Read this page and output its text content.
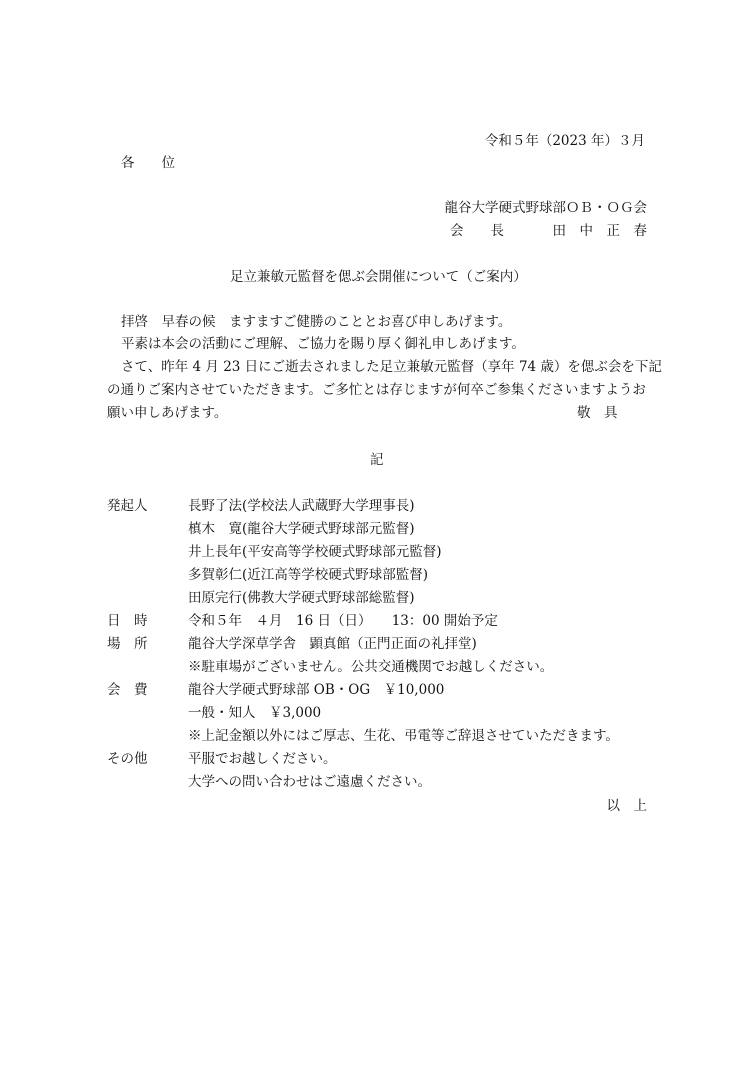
令和５年（2023 年）３月
各　　位
龍谷大学硬式野球部ＯＢ・ＯＧ会
会　　長	田　中　正　春
足立兼敏元監督を偲ぶ会開催について（ご案内）
拝啓　早春の候　ますますご健勝のこととお喜び申しあげます。
平素は本会の活動にご理解、ご協力を賜り厚く御礼申しあげます。
さて、昨年 4 月 23 日にご逝去されました足立兼敏元監督（享年 74 歳）を偲ぶ会を下記
の通りご案内させていただきます。ご多忙とは存じますが何卒ご参集くださいますようお
願い申しあげます。	敬　具
記
発起人	長野了法(学校法人武蔵野大学理事長)
槙木　寛(龍谷大学硬式野球部元監督)
井上長年(平安高等学校硬式野球部元監督)
多賀彰仁(近江高等学校硬式野球部監督)
田原完行(佛教大学硬式野球部総監督)
日　時	令和５年　４月　16 日（日）　　13：00 開始予定
場　所	龍谷大学深草学舎　顕真館（正門正面の礼拝堂)
※駐車場がございません。公共交通機関でお越しください。
会　費	龍谷大学硬式野球部 OB・OG　￥10,000
一般・知人　￥3,000
※上記金額以外にはご厚志、生花、弔電等ご辞退させていただきます。
その他	平服でお越しください。
大学への問い合わせはご遠慮ください。
以　上
